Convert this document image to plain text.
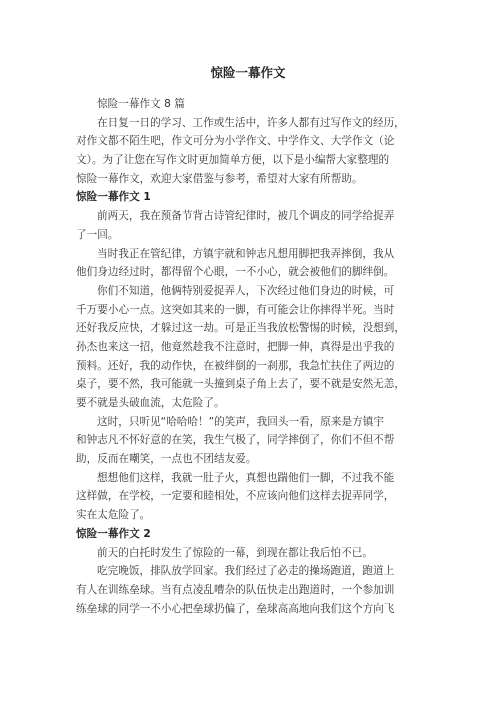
惊险一幕作文
惊险一幕作文 8 篇
在日复一日的学习、工作或生活中，许多人都有过写作文的经历，
对作文都不陌生吧，作文可分为小学作文、中学作文、大学作文（论
文）。为了让您在写作文时更加简单方便，以下是小编帮大家整理的
惊险一幕作文，欢迎大家借鉴与参考，希望对大家有所帮助。
惊险一幕作文 1
前两天，我在预备节背古诗管纪律时，被几个调皮的同学给捉弄
了一回。
当时我正在管纪律，方镇宇就和钟志凡想用脚把我弄摔倒，我从
他们身边经过时，都得留个心眼，一不小心，就会被他们的脚绊倒。
你们不知道，他俩特别爱捉弄人，下次经过他们身边的时候，可
千万要小心一点。这突如其来的一脚，有可能会让你摔得半死。当时
还好我反应快，才躲过这一劫。可是正当我放松警惕的时候，没想到，
孙杰也来这一招，他竟然趁我不注意时，把脚一伸，真得是出乎我的
预料。还好，我的动作快，在被绊倒的一刹那，我急忙扶住了两边的
桌子，要不然，我可能就一头撞到桌子角上去了，要不就是安然无恙，
要不就是头破血流，太危险了。
这时，只听见“哈哈哈！”的笑声，我回头一看，原来是方镇宇
和钟志凡不怀好意的在笑，我生气极了，同学摔倒了，你们不但不帮
助，反而在嘲笑，一点也不团结友爱。
想想他们这样，我就一肚子火，真想也踹他们一脚，不过我不能
这样做，在学校，一定要和睦相处，不应该向他们这样去捉弄同学，
实在太危险了。
惊险一幕作文 2
前天的白托时发生了惊险的一幕，到现在都让我后怕不已。
吃完晚饭，排队放学回家。我们经过了必走的操场跑道，跑道上
有人在训练垒球。当有点凌乱嘈杂的队伍快走出跑道时，一个参加训
练垒球的同学一不小心把垒球扔偏了，垒球高高地向我们这个方向飞
